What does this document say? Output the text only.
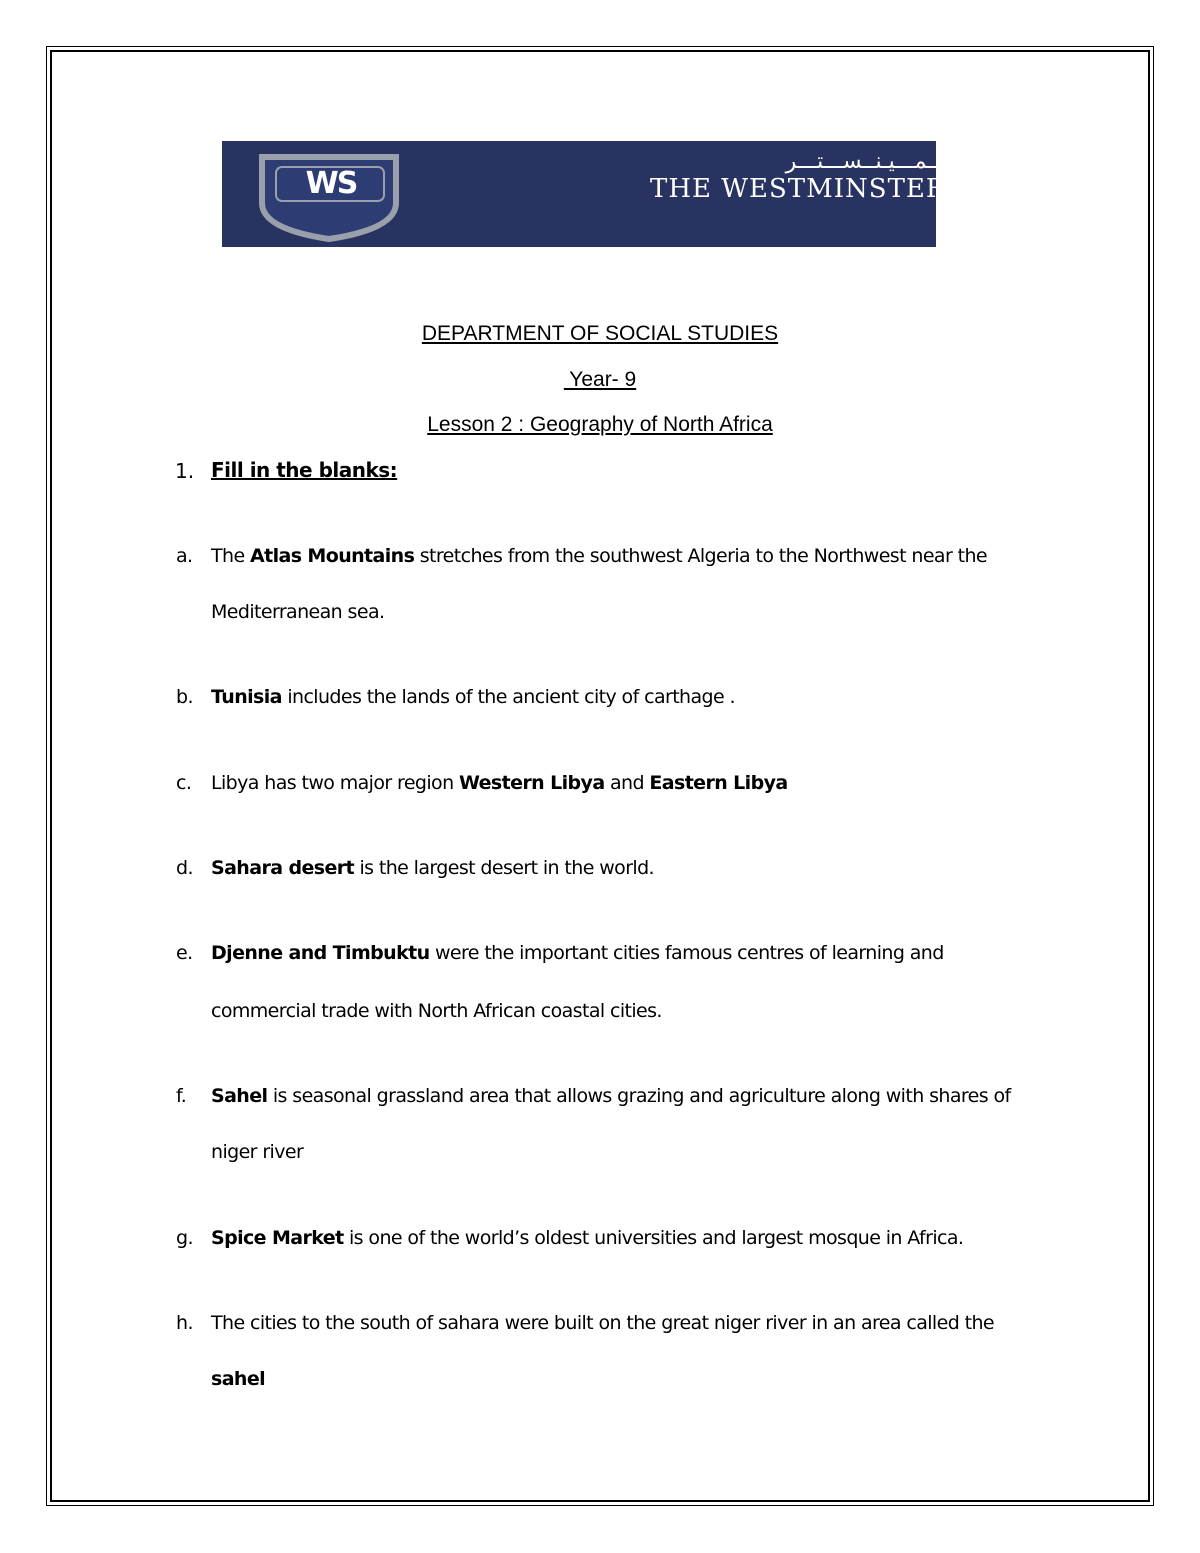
WS
مـــدرســــة وســـتـــمـــيـنــســـتـــر
THE WESTMINSTER SCHOOL
DEPARTMENT OF SOCIAL STUDIES
Year- 9
Lesson 2 : Geography of North Africa
1. Fill in the blanks:
a. The Atlas Mountains stretches from the southwest Algeria to the Northwest near the
Mediterranean sea.
b. Tunisia includes the lands of the ancient city of carthage .
c. Libya has two major region Western Libya and Eastern Libya
d. Sahara desert is the largest desert in the world.
e. Djenne and Timbuktu were the important cities famous centres of learning and
commercial trade with North African coastal cities.
f. Sahel is seasonal grassland area that allows grazing and agriculture along with shares of
niger river
g. Spice Market is one of the world’s oldest universities and largest mosque in Africa.
h. The cities to the south of sahara were built on the great niger river in an area called the
sahel
